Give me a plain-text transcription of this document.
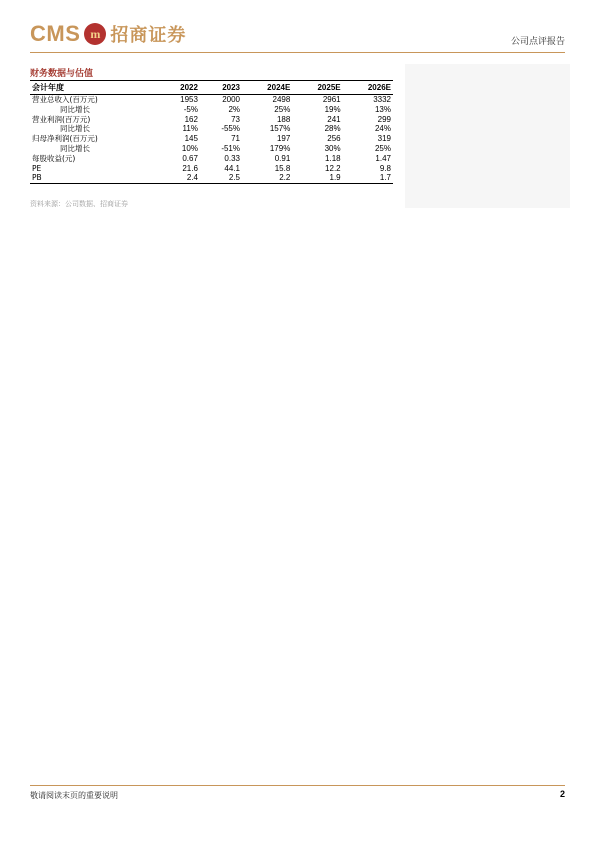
CMS m 招商证券	公司点评报告
财务数据与估值
会计年度	2022	2023	2024E	2025E	2026E
营业总收入(百万元)	1953	2000	2498	2961	3332
同比增长	-5%	2%	25%	19%	13%
营业利润(百万元)	162	73	188	241	299
同比增长	11%	-55%	157%	28%	24%
归母净利润(百万元)	145	71	197	256	319
同比增长	10%	-51%	179%	30%	25%
每股收益(元)	0.67	0.33	0.91	1.18	1.47
PE	21.6	44.1	15.8	12.2	9.8
PB	2.4	2.5	2.2	1.9	1.7
资料来源：公司数据、招商证券
敬请阅读末页的重要说明	2
